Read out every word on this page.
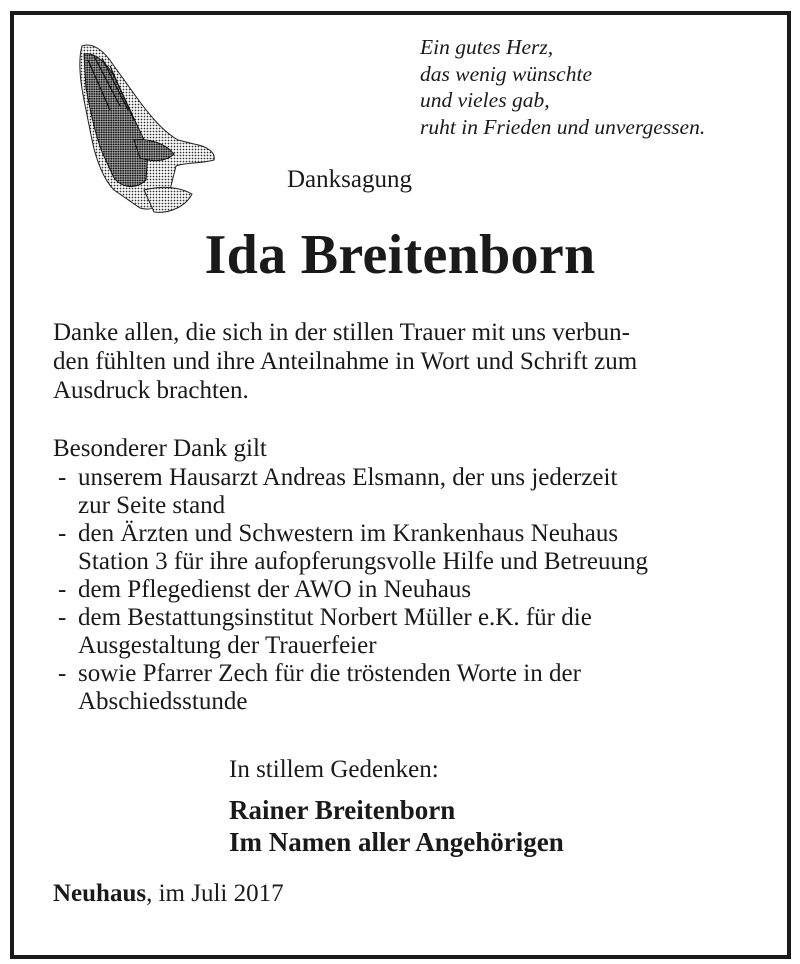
Ein gutes Herz,
das wenig wünschte
und vieles gab,
ruht in Frieden und unvergessen.
Danksagung
Ida Breitenborn
Danke allen, die sich in der stillen Trauer mit uns verbun-
den fühlten und ihre Anteilnahme in Wort und Schrift zum
Ausdruck brachten.
Besonderer Dank gilt
- unserem Hausarzt Andreas Elsmann, der uns jederzeit
zur Seite stand
- den Ärzten und Schwestern im Krankenhaus Neuhaus
Station 3 für ihre aufopferungsvolle Hilfe und Betreuung
- dem Pflegedienst der AWO in Neuhaus
- dem Bestattungsinstitut Norbert Müller e.K. für die
Ausgestaltung der Trauerfeier
- sowie Pfarrer Zech für die tröstenden Worte in der
Abschiedsstunde
In stillem Gedenken:
Rainer Breitenborn
Im Namen aller Angehörigen
Neuhaus, im Juli 2017
